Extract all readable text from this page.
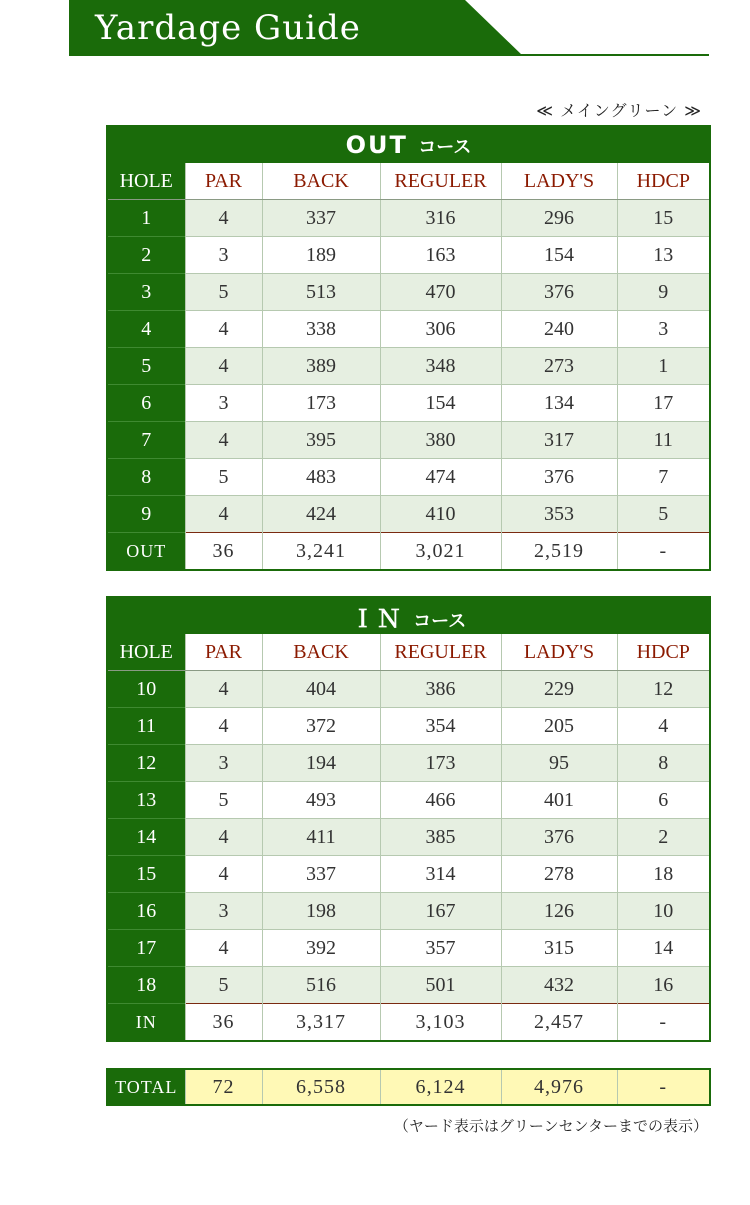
Yardage Guide
≪ メイングリーン ≫
OUT コース					
HOLE	PAR	BACK	REGULER	LADY'S	HDCP
1	4	337	316	296	15
2	3	189	163	154	13
3	5	513	470	376	9
4	4	338	306	240	3
5	4	389	348	273	1
6	3	173	154	134	17
7	4	395	380	317	11
8	5	483	474	376	7
9	4	424	410	353	5
OUT	36	3,241	3,021	2,519	-
ＩＮ コース					
HOLE	PAR	BACK	REGULER	LADY'S	HDCP
10	4	404	386	229	12
11	4	372	354	205	4
12	3	194	173	95	8
13	5	493	466	401	6
14	4	411	385	376	2
15	4	337	314	278	18
16	3	198	167	126	10
17	4	392	357	315	14
18	5	516	501	432	16
IN	36	3,317	3,103	2,457	-
TOTAL	72	6,558	6,124	4,976	-
（ヤード表示はグリーンセンターまでの表示）
